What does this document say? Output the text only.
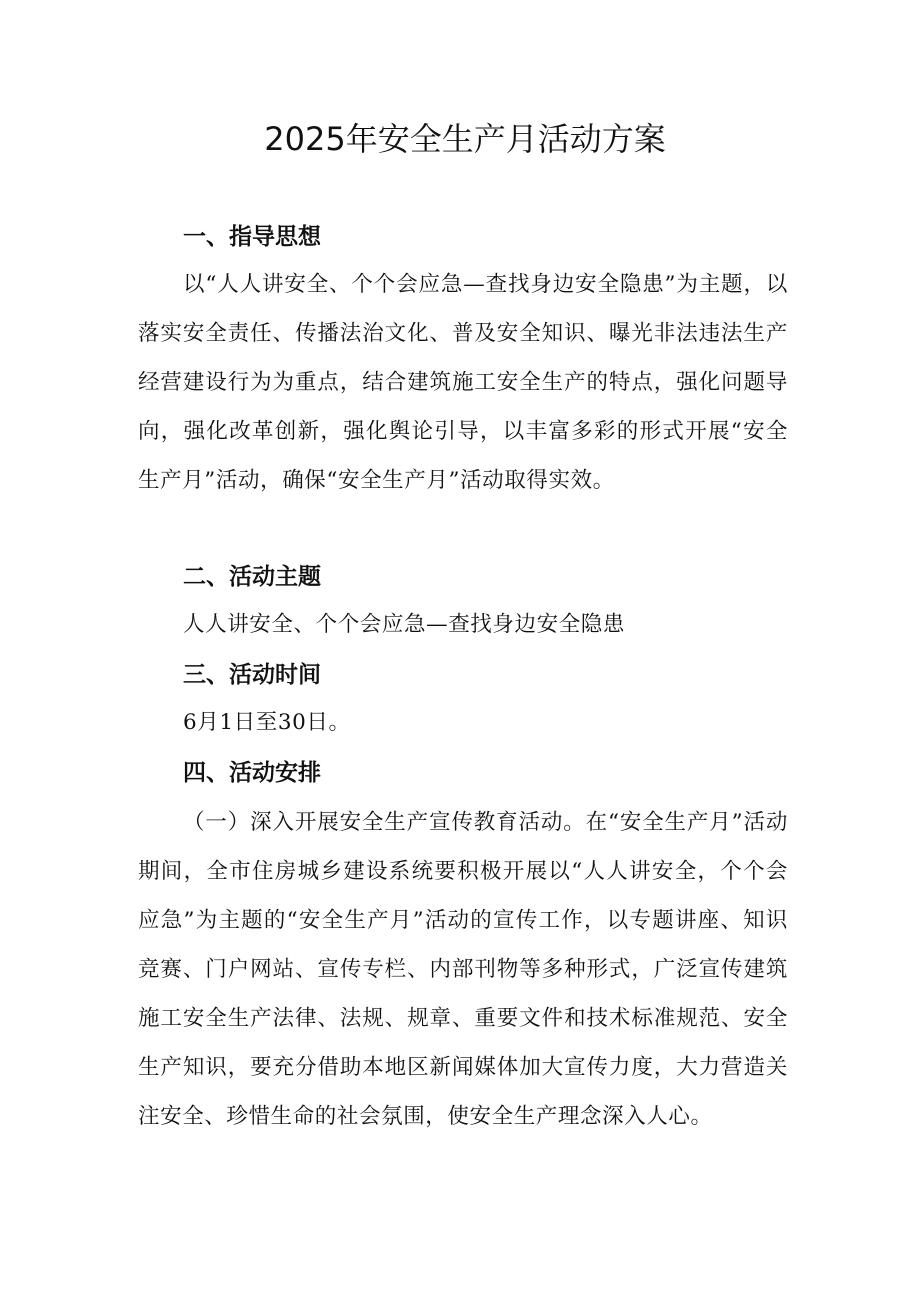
2025年安全生产月活动方案
一、指导思想
以“人人讲安全、个个会应急—查找身边安全隐患”为主题，以落实安全责任、传播法治文化、普及安全知识、曝光非法违法生产经营建设行为为重点，结合建筑施工安全生产的特点，强化问题导向，强化改革创新，强化舆论引导，以丰富多彩的形式开展“安全生产月”活动，确保“安全生产月”活动取得实效。
二、活动主题
人人讲安全、个个会应急—查找身边安全隐患
三、活动时间
6月1日至30日。
四、活动安排
（一）深入开展安全生产宣传教育活动。在“安全生产月”活动期间，全市住房城乡建设系统要积极开展以“人人讲安全，个个会应急”为主题的“安全生产月”活动的宣传工作，以专题讲座、知识竞赛、门户网站、宣传专栏、内部刊物等多种形式，广泛宣传建筑施工安全生产法律、法规、规章、重要文件和技术标准规范、安全生产知识，要充分借助本地区新闻媒体加大宣传力度，大力营造关注安全、珍惜生命的社会氛围，使安全生产理念深入人心。
